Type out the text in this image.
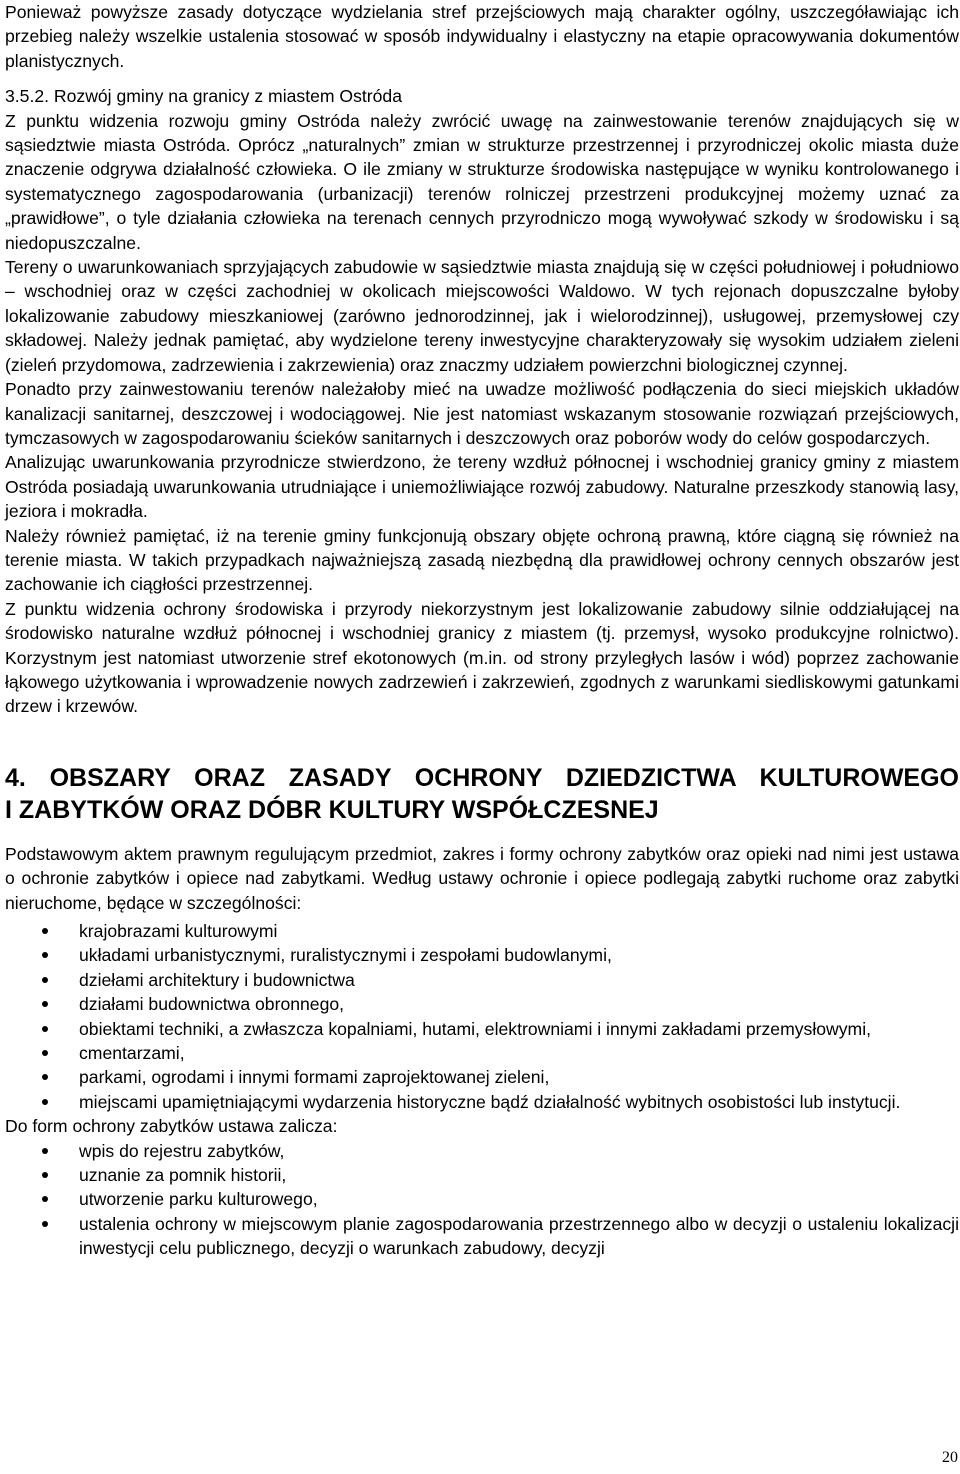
Ponieważ powyższe zasady dotyczące wydzielania stref przejściowych mają charakter ogólny, uszczegóławiając ich przebieg należy wszelkie ustalenia stosować w sposób indywidualny i elastyczny na etapie opracowywania dokumentów planistycznych.

3.5.2. Rozwój gminy na granicy z miastem Ostróda

Z punktu widzenia rozwoju gminy Ostróda należy zwrócić uwagę na zainwestowanie terenów znajdujących się w sąsiedztwie miasta Ostróda. Oprócz „naturalnych” zmian w strukturze przestrzennej i przyrodniczej okolic miasta duże znaczenie odgrywa działalność człowieka. O ile zmiany w strukturze środowiska następujące w wyniku kontrolowanego i systematycznego zagospodarowania (urbanizacji) terenów rolniczej przestrzeni produkcyjnej możemy uznać za „prawidłowe”, o tyle działania człowieka na terenach cennych przyrodniczo mogą wywoływać szkody w środowisku i są niedopuszczalne.

Tereny o uwarunkowaniach sprzyjających zabudowie w sąsiedztwie miasta znajdują się w części południowej i południowo – wschodniej oraz w części zachodniej w okolicach miejscowości Waldowo. W tych rejonach dopuszczalne byłoby lokalizowanie zabudowy mieszkaniowej (zarówno jednorodzinnej, jak i wielorodzinnej), usługowej, przemysłowej czy składowej. Należy jednak pamiętać, aby wydzielone tereny inwestycyjne charakteryzowały się wysokim udziałem zieleni (zieleń przydomowa, zadrzewienia i zakrzewienia) oraz znaczmy udziałem powierzchni biologicznej czynnej.

Ponadto przy zainwestowaniu terenów należałoby mieć na uwadze możliwość podłączenia do sieci miejskich układów kanalizacji sanitarnej, deszczowej i wodociągowej. Nie jest natomiast wskazanym stosowanie rozwiązań przejściowych, tymczasowych w zagospodarowaniu ścieków sanitarnych i deszczowych oraz poborów wody do celów gospodarczych.

Analizując uwarunkowania przyrodnicze stwierdzono, że tereny wzdłuż północnej i wschodniej granicy gminy z miastem Ostróda posiadają uwarunkowania utrudniające i uniemożliwiające rozwój zabudowy. Naturalne przeszkody stanowią lasy, jeziora i mokradła.

Należy również pamiętać, iż na terenie gminy funkcjonują obszary objęte ochroną prawną, które ciągną się również na terenie miasta. W takich przypadkach najważniejszą zasadą niezbędną dla prawidłowej ochrony cennych obszarów jest zachowanie ich ciągłości przestrzennej.

Z punktu widzenia ochrony środowiska i przyrody niekorzystnym jest lokalizowanie zabudowy silnie oddziałującej na środowisko naturalne wzdłuż północnej i wschodniej granicy z miastem (tj. przemysł, wysoko produkcyjne rolnictwo). Korzystnym jest natomiast utworzenie stref ekotonowych (m.in. od strony przyległych lasów i wód) poprzez zachowanie łąkowego użytkowania i wprowadzenie nowych zadrzewień i zakrzewień, zgodnych z warunkami siedliskowymi gatunkami drzew i krzewów.

4. OBSZARY ORAZ ZASADY OCHRONY DZIEDZICTWA KULTUROWEGO
I ZABYTKÓW ORAZ DÓBR KULTURY WSPÓŁCZESNEJ

Podstawowym aktem prawnym regulującym przedmiot, zakres i formy ochrony zabytków oraz opieki nad nimi jest ustawa o ochronie zabytków i opiece nad zabytkami. Według ustawy ochronie i opiece podlegają zabytki ruchome oraz zabytki nieruchome, będące w szczególności:

krajobrazami kulturowymi
układami urbanistycznymi, ruralistycznymi i zespołami budowlanymi,
dziełami architektury i budownictwa
działami budownictwa obronnego,
obiektami techniki, a zwłaszcza kopalniami, hutami, elektrowniami i innymi zakładami przemysłowymi,
cmentarzami,
parkami, ogrodami i innymi formami zaprojektowanej zieleni,
miejscami upamiętniającymi wydarzenia historyczne bądź działalność wybitnych osobistości lub instytucji.

Do form ochrony zabytków ustawa zalicza:

wpis do rejestru zabytków,
uznanie za pomnik historii,
utworzenie parku kulturowego,
ustalenia ochrony w miejscowym planie zagospodarowania przestrzennego albo w decyzji o ustaleniu lokalizacji inwestycji celu publicznego, decyzji o warunkach zabudowy, decyzji
20
